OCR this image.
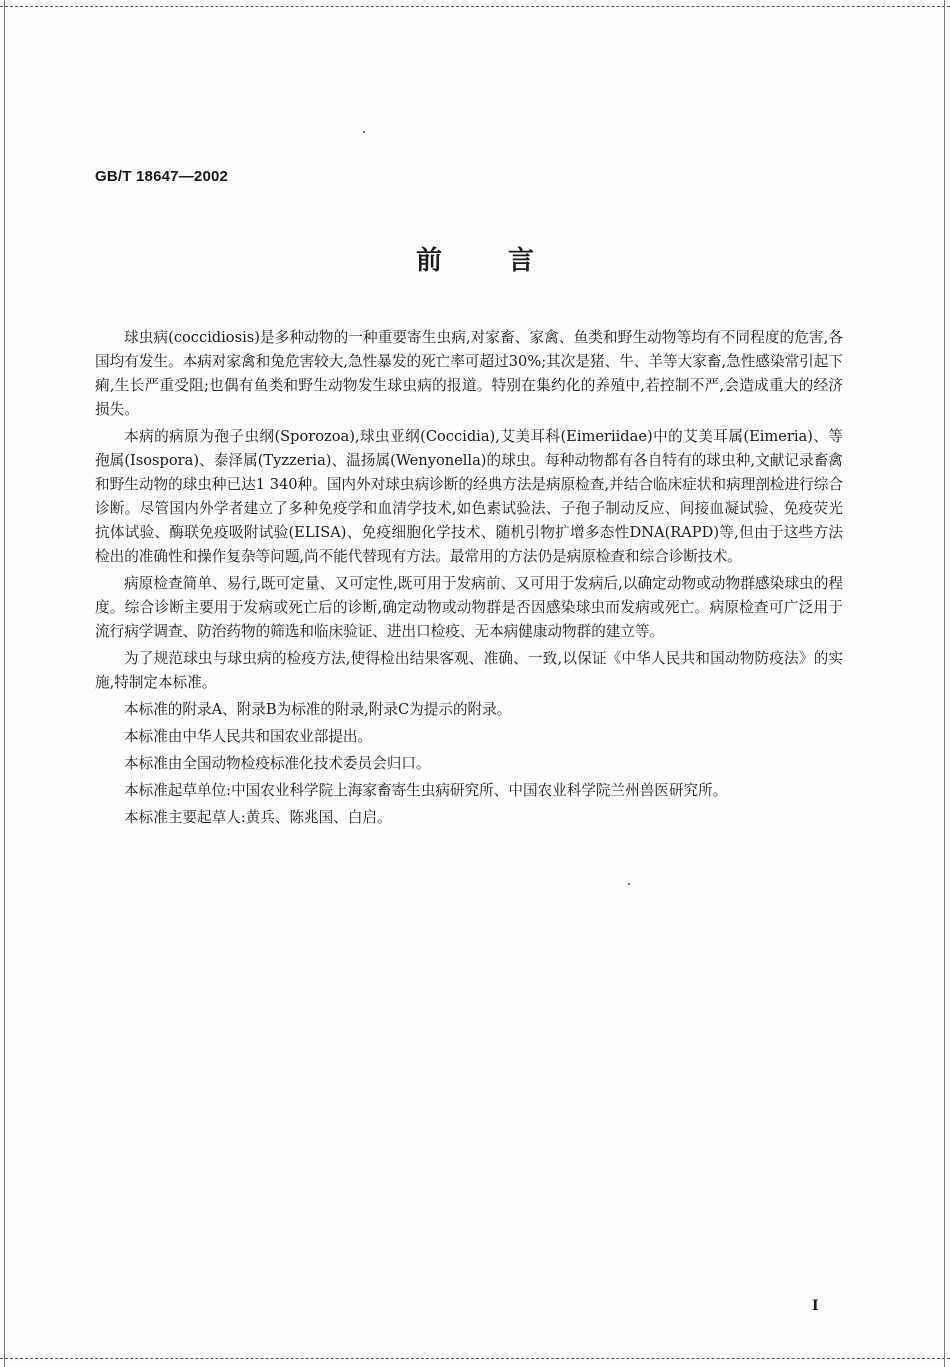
GB/T 18647—2002
前言

球虫病(coccidiosis)是多种动物的一种重要寄生虫病,对家畜、家禽、鱼类和野生动物等均有不同程度的危害,各国均有发生。本病对家禽和兔危害较大,急性暴发的死亡率可超过30%;其次是猪、牛、羊等大家畜,急性感染常引起下痢,生长严重受阻;也偶有鱼类和野生动物发生球虫病的报道。特别在集约化的养殖中,若控制不严,会造成重大的经济损失。

本病的病原为孢子虫纲(Sporozoa),球虫亚纲(Coccidia),艾美耳科(Eimeriidae)中的艾美耳属(Eimeria)、等孢属(Isospora)、泰泽属(Tyzzeria)、温扬属(Wenyonella)的球虫。每种动物都有各自特有的球虫种,文献记录畜禽和野生动物的球虫种已达1 340种。国内外对球虫病诊断的经典方法是病原检查,并结合临床症状和病理剖检进行综合诊断。尽管国内外学者建立了多种免疫学和血清学技术,如色素试验法、子孢子制动反应、间接血凝试验、免疫荧光抗体试验、酶联免疫吸附试验(ELISA)、免疫细胞化学技术、随机引物扩增多态性DNA(RAPD)等,但由于这些方法检出的准确性和操作复杂等问题,尚不能代替现有方法。最常用的方法仍是病原检查和综合诊断技术。

病原检查简单、易行,既可定量、又可定性,既可用于发病前、又可用于发病后,以确定动物或动物群感染球虫的程度。综合诊断主要用于发病或死亡后的诊断,确定动物或动物群是否因感染球虫而发病或死亡。病原检查可广泛用于流行病学调查、防治药物的筛选和临床验证、进出口检疫、无本病健康动物群的建立等。

为了规范球虫与球虫病的检疫方法,使得检出结果客观、准确、一致,以保证《中华人民共和国动物防疫法》的实施,特制定本标准。

本标准的附录A、附录B为标准的附录,附录C为提示的附录。

本标准由中华人民共和国农业部提出。

本标准由全国动物检疫标准化技术委员会归口。

本标准起草单位:中国农业科学院上海家畜寄生虫病研究所、中国农业科学院兰州兽医研究所。

本标准主要起草人:黄兵、陈兆国、白启。

I
